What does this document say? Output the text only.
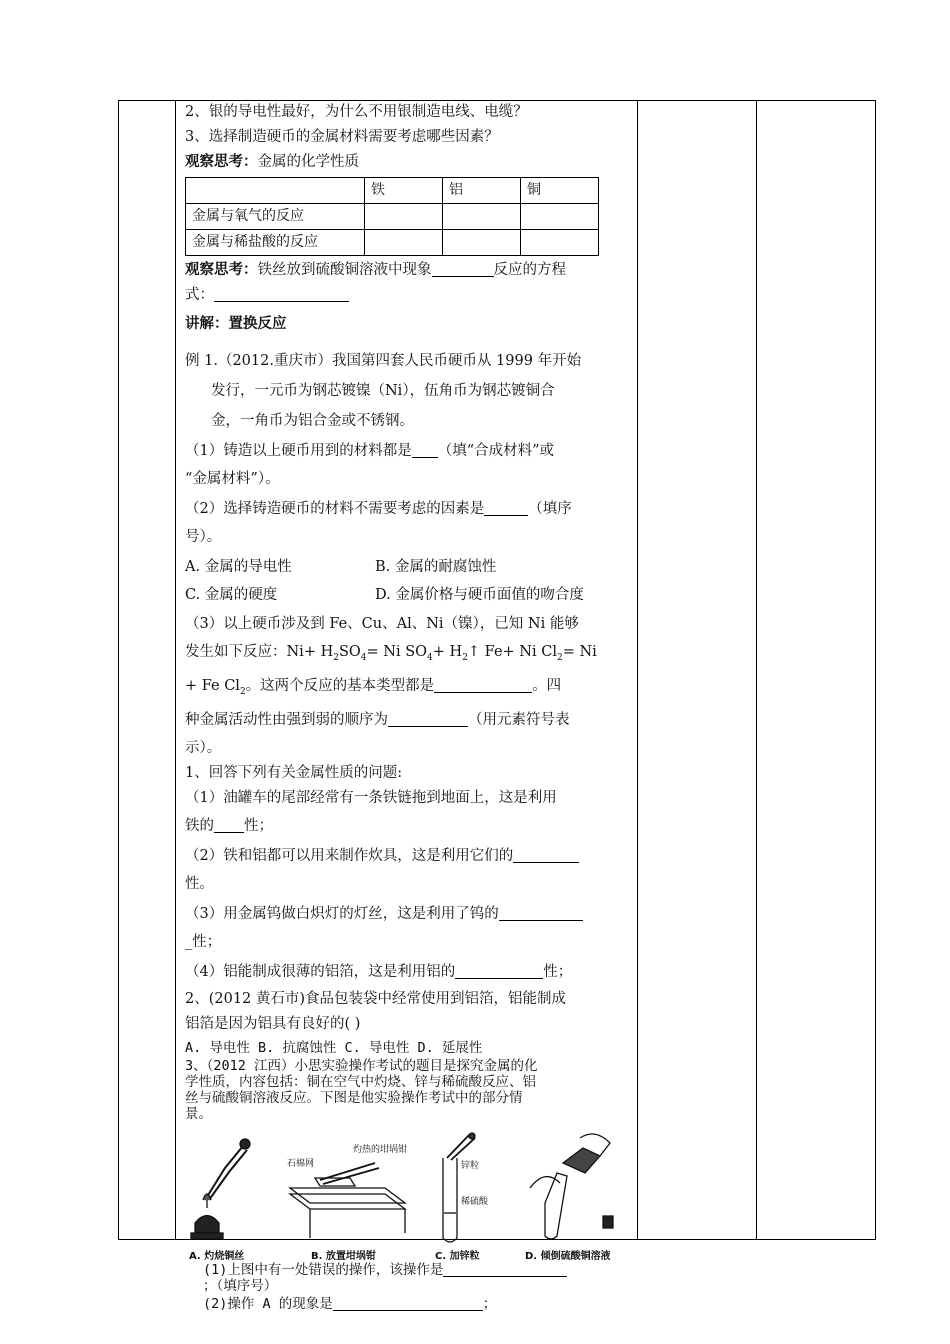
2、银的导电性最好，为什么不用银制造电线、电缆？
3、选择制造硬币的金属材料需要考虑哪些因素？
观察思考：金属的化学性质
	铁	铝	铜
金属与氧气的反应			
金属与稀盐酸的反应			
观察思考：铁丝放到硫酸铜溶液中现象	反应的方程
式：
讲解：置换反应
例 1.（2012.重庆市）我国第四套人民币硬币从 1999 年开始
发行，一元币为钢芯镀镍（Ni），伍角币为钢芯镀铜合
金，一角币为铝合金或不锈钢。
（1）铸造以上硬币用到的材料都是 （填“合成材料”或
“金属材料”）。
（2）选择铸造硬币的材料不需要考虑的因素是	（填序
号）。
A. 金属的导电性	B. 金属的耐腐蚀性
C. 金属的硬度	D. 金属价格与硬币面值的吻合度
（3）以上硬币涉及到 Fe、Cu、Al、Ni（镍），已知 Ni 能够
发生如下反应：$Ni+ H_2SO_4= Ni$ $SO_4+$ $H_2↑$ Fe+ Ni $Cl_2= Ni$
+ Fe $Cl_2$。这两个反应的基本类型都是	。四
种金属活动性由强到弱的顺序为	（用元素符号表
示）。
1、回答下列有关金属性质的问题:
（1）油罐车的尾部经常有一条铁链拖到地面上，这是利用
铁的 性；
（2）铁和铝都可以用来制作炊具，这是利用它们的
性。
（3）用金属钨做白炽灯的灯丝，这是利用了钨的
_性；
（4）铝能制成很薄的铝箔，这是利用铝的	性；
2、(2012 黄石市)食品包装袋中经常使用到铝箔，铝能制成
铝箔是因为铝具有良好的( )
A. 导电性 B. 抗腐蚀性 C. 导电性 D. 延展性
3、（2012 江西）小思实验操作考试的题目是探究金属的化
学性质，内容包括：铜在空气中灼烧、锌与稀硫酸反应、铝
丝与硫酸铜溶液反应。下图是他实验操作考试中的部分情
景。
A. 灼烧铜丝	B. 放置坩埚钳	C. 加锌粒	D. 倾倒硫酸铜溶液
石棉网
灼热的坩埚钳
锌粒
稀硫酸
(1)上图中有一处错误的操作，该操作是
；（填序号）
(2)操作 A 的现象是	；
